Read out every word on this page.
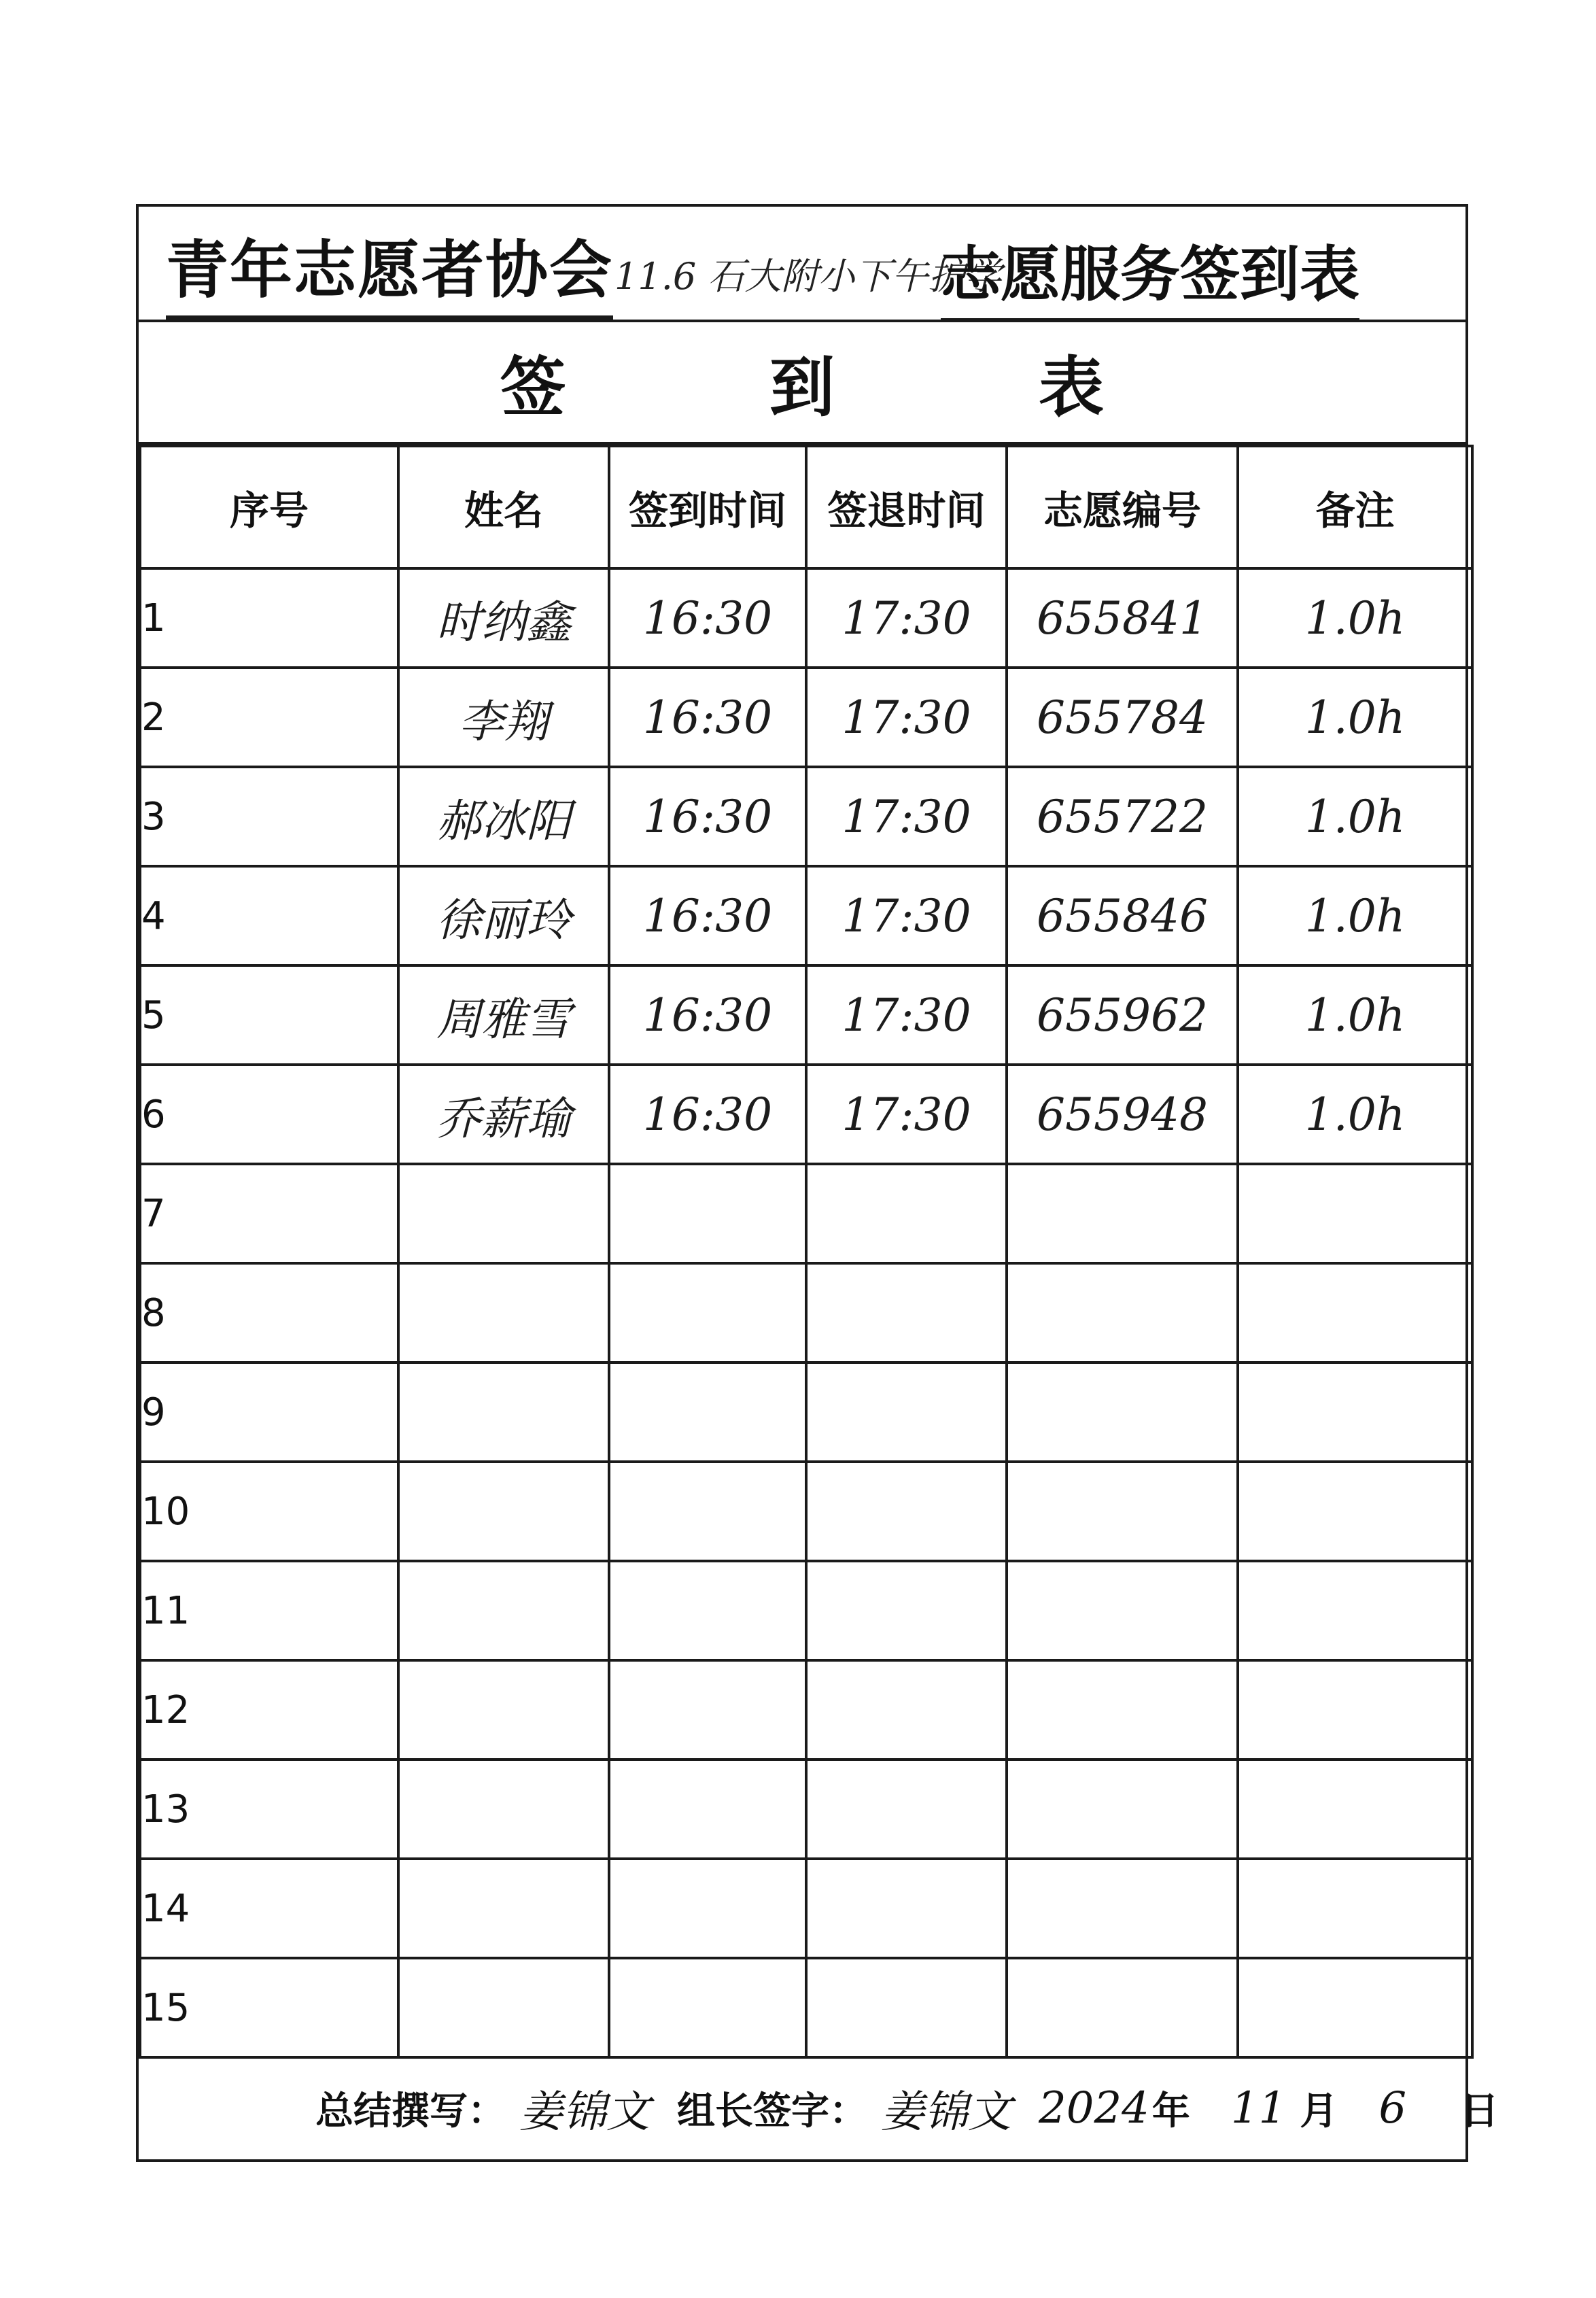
青年志愿者协会 11.6 石大附小下午护学
志愿服务签到表
签	到	表
序号	姓名	签到时间	签退时间	志愿编号	备注
1	时纳鑫	16:30	17:30	655841	1.0h
2	李翔	16:30	17:30	655784	1.0h
3	郝冰阳	16:30	17:30	655722	1.0h
4	徐丽玲	16:30	17:30	655846	1.0h
5	周雅雪	16:30	17:30	655962	1.0h
6	乔薪瑜	16:30	17:30	655948	1.0h
7					
8					
9					
10					
11					
12					
13					
14					
15					
总结撰写： 姜锦文 组长签字： 姜锦文 2024 年 11 月 6 日
